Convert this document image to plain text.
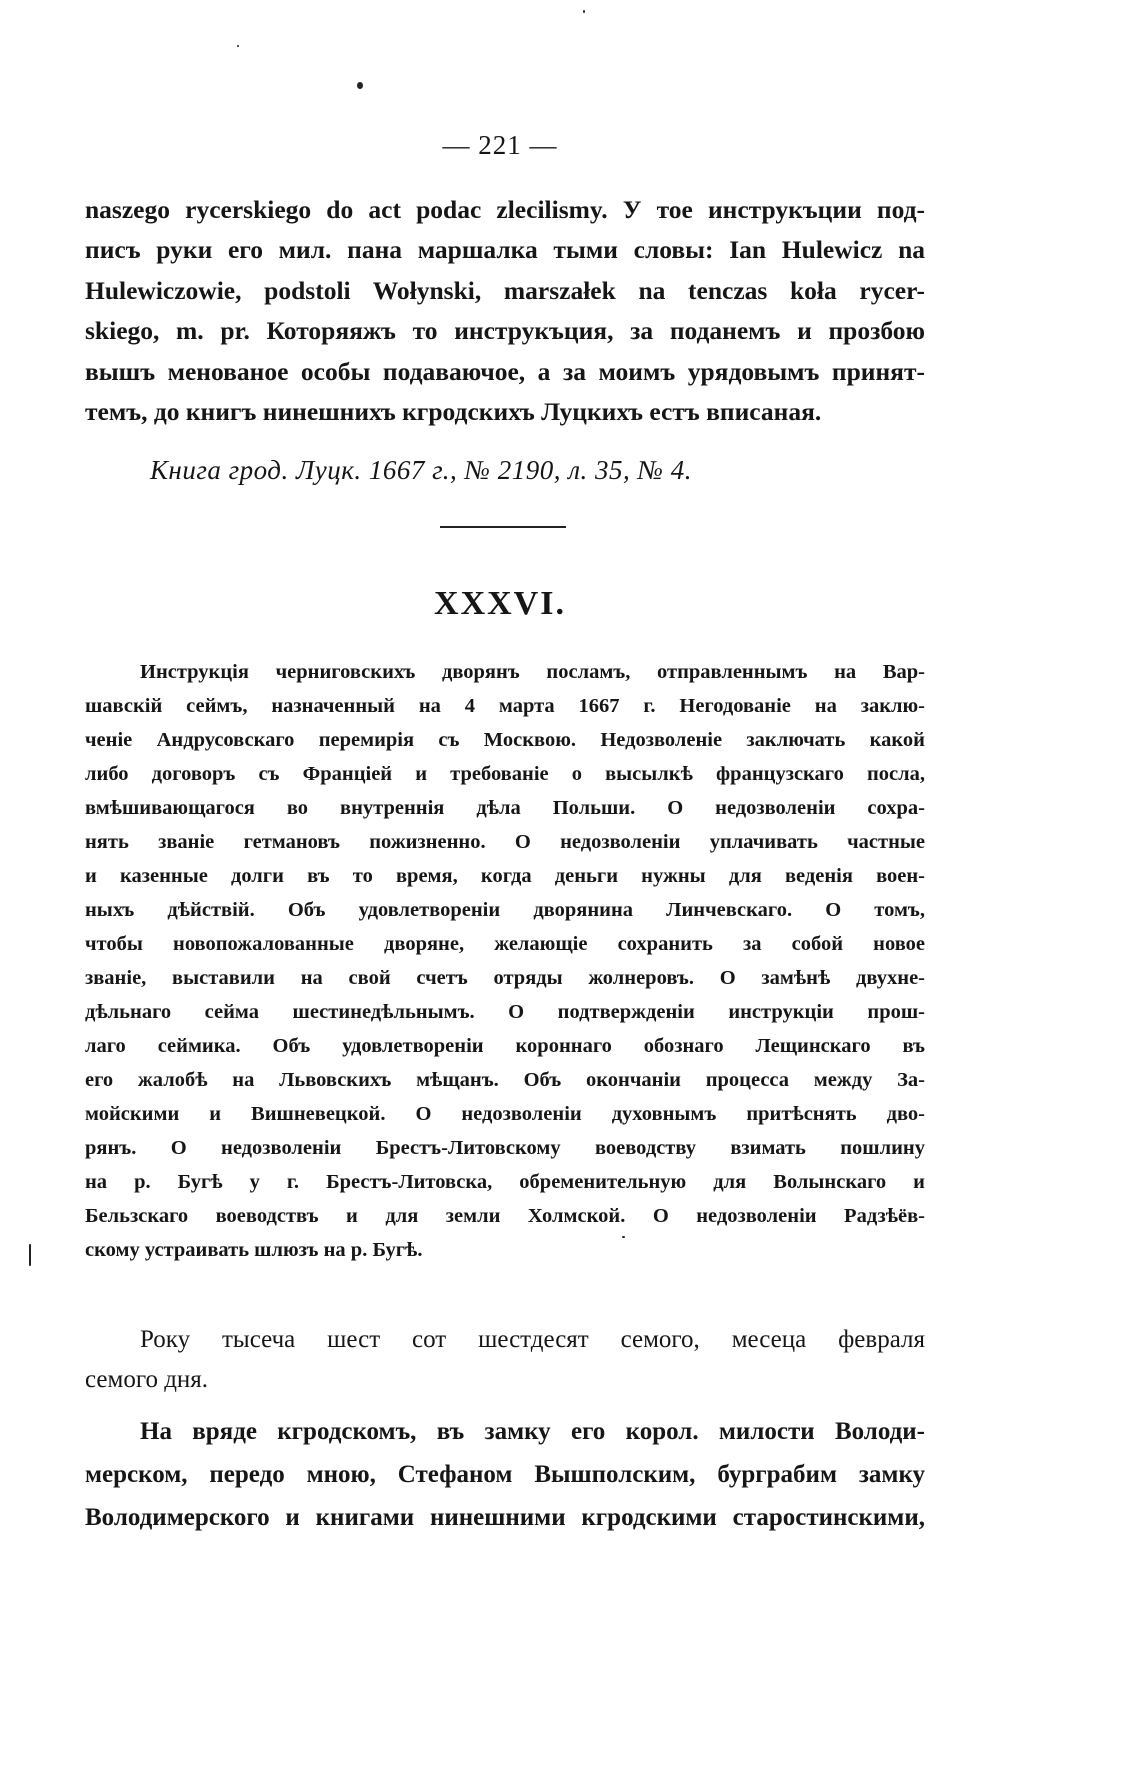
— 221 —
naszego rycerskiego do act podac zlecilismy. У тое инструкъции под-
писъ руки его мил. пана маршалка тыми словы: Ian Hulewicz na
Hulewiczowie, podstoli Wołynski, marszałek na tenczas koła rycer-
skiego, m. pr. Которяяжъ то инструкъция, за поданемъ и прозбою
вышъ менованое особы подаваючое, а за моимъ урядовымъ принят-
темъ, до книгъ нинешнихъ кгродскихъ Луцкихъ естъ вписаная.
Книга грод. Луцк. 1667 г., № 2190, л. 35, № 4.
XXXVI.
Инструкція черниговскихъ дворянъ посламъ, отправленнымъ на Вар-
шавскій сеймъ, назначенный на 4 марта 1667 г. Негодованіе на заклю-
ченіе Андрусовскаго перемирія съ Москвою. Недозволеніе заключать какой
либо договоръ съ Франціей и требованіе о высылкѣ французскаго посла,
вмѣшивающагося во внутреннія дѣла Польши. О недозволеніи сохра-
нять званіе гетмановъ пожизненно. О недозволеніи уплачивать частные
и казенные долги въ то время, когда деньги нужны для веденія воен-
ныхъ дѣйствій. Объ удовлетвореніи дворянина Линчевскаго. О томъ,
чтобы новопожалованные дворяне, желающіе сохранить за собой новое
званіе, выставили на свой счетъ отряды жолнеровъ. О замѣнѣ двухне-
дѣльнаго сейма шестинедѣльнымъ. О подтвержденіи инструкціи прош-
лаго сеймика. Объ удовлетвореніи короннаго обознаго Лещинскаго въ
его жалобѣ на Львовскихъ мѣщанъ. Объ окончаніи процесса между За-
мойскими и Вишневецкой. О недозволеніи духовнымъ притѣснять дво-
рянъ. О недозволеніи Брестъ-Литовскому воеводству взимать пошлину
на р. Бугѣ у г. Брестъ-Литовска, обременительную для Волынскаго и
Бельзскаго воеводствъ и для земли Холмской. О недозволеніи Радзѣёв-
скому устраивать шлюзъ на р. Бугѣ.
Року тысеча шест сот шестдесят семого, месеца февраля
семого дня.
На вряде кгродскомъ, въ замку его корол. милости Володи-
мерском, передо мною, Стефаном Вышполским, бурграбим замку
Володимерского и книгами нинешними кгродскими старостинскими,
